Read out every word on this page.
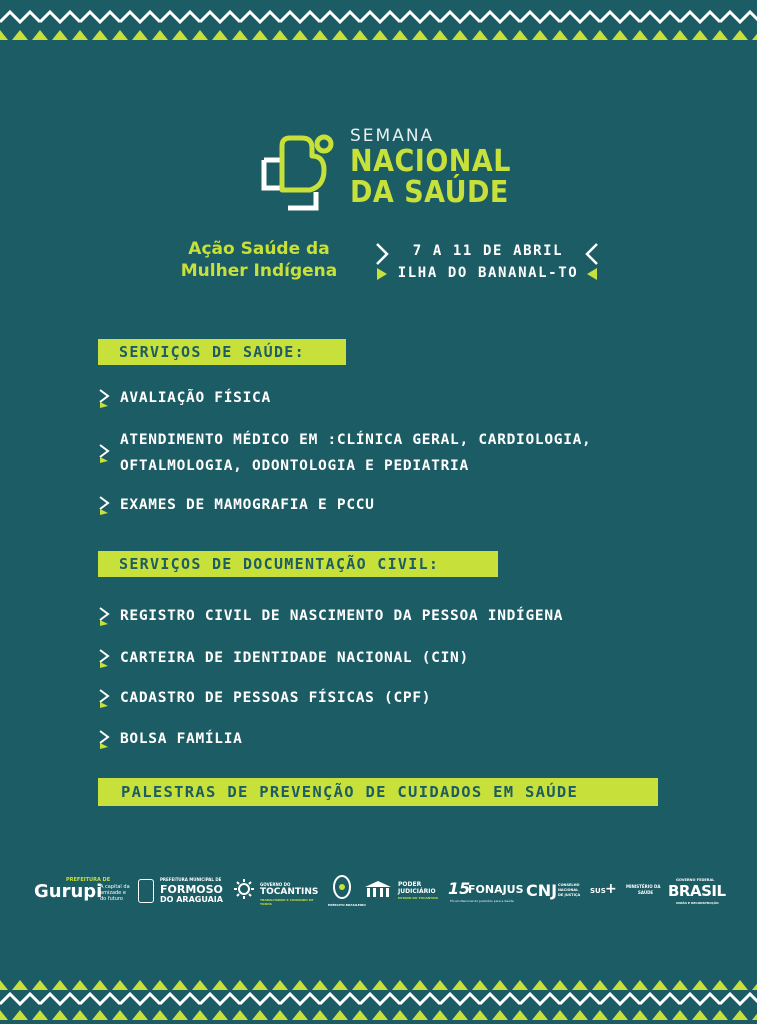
SEMANA
NACIONAL
DA SAÚDE
Ação Saúde da
Mulher Indígena
7 A 11 DE ABRIL
ILHA DO BANANAL-TO
SERVIÇOS DE SAÚDE:
AVALIAÇÃO FÍSICA
ATENDIMENTO MÉDICO EM :CLÍNICA GERAL, CARDIOLOGIA,
OFTALMOLOGIA, ODONTOLOGIA E PEDIATRIA
EXAMES DE MAMOGRAFIA E PCCU
SERVIÇOS DE DOCUMENTAÇÃO CIVIL:
REGISTRO CIVIL DE NASCIMENTO DA PESSOA INDÍGENA
CARTEIRA DE IDENTIDADE NACIONAL (CIN)
CADASTRO DE PESSOAS FÍSICAS (CPF)
BOLSA FAMÍLIA
PALESTRAS DE PREVENÇÃO DE CUIDADOS EM SAÚDE
PREFEITURA DE
Gurupi
A capital da amizade e do futuro
PREFEITURA MUNICIPAL DE
FORMOSO
DO ARAGUAIA
GOVERNO DO
TOCANTINS
TRABALHANDO E CUIDANDO DE TODOS	EXÉRCITO BRASILEIRO
PODER
JUDICIÁRIO
ESTADO DO TOCANTINS 15
FONAJUS
Fórum Nacional do Judiciário para a Saúde
CNJ CONSELHO
NACIONAL
DE JUSTIÇA SUS + MINISTÉRIO DA
SAÚDE
GOVERNO FEDERAL
BRASIL
UNIÃO E RECONSTRUÇÃO
